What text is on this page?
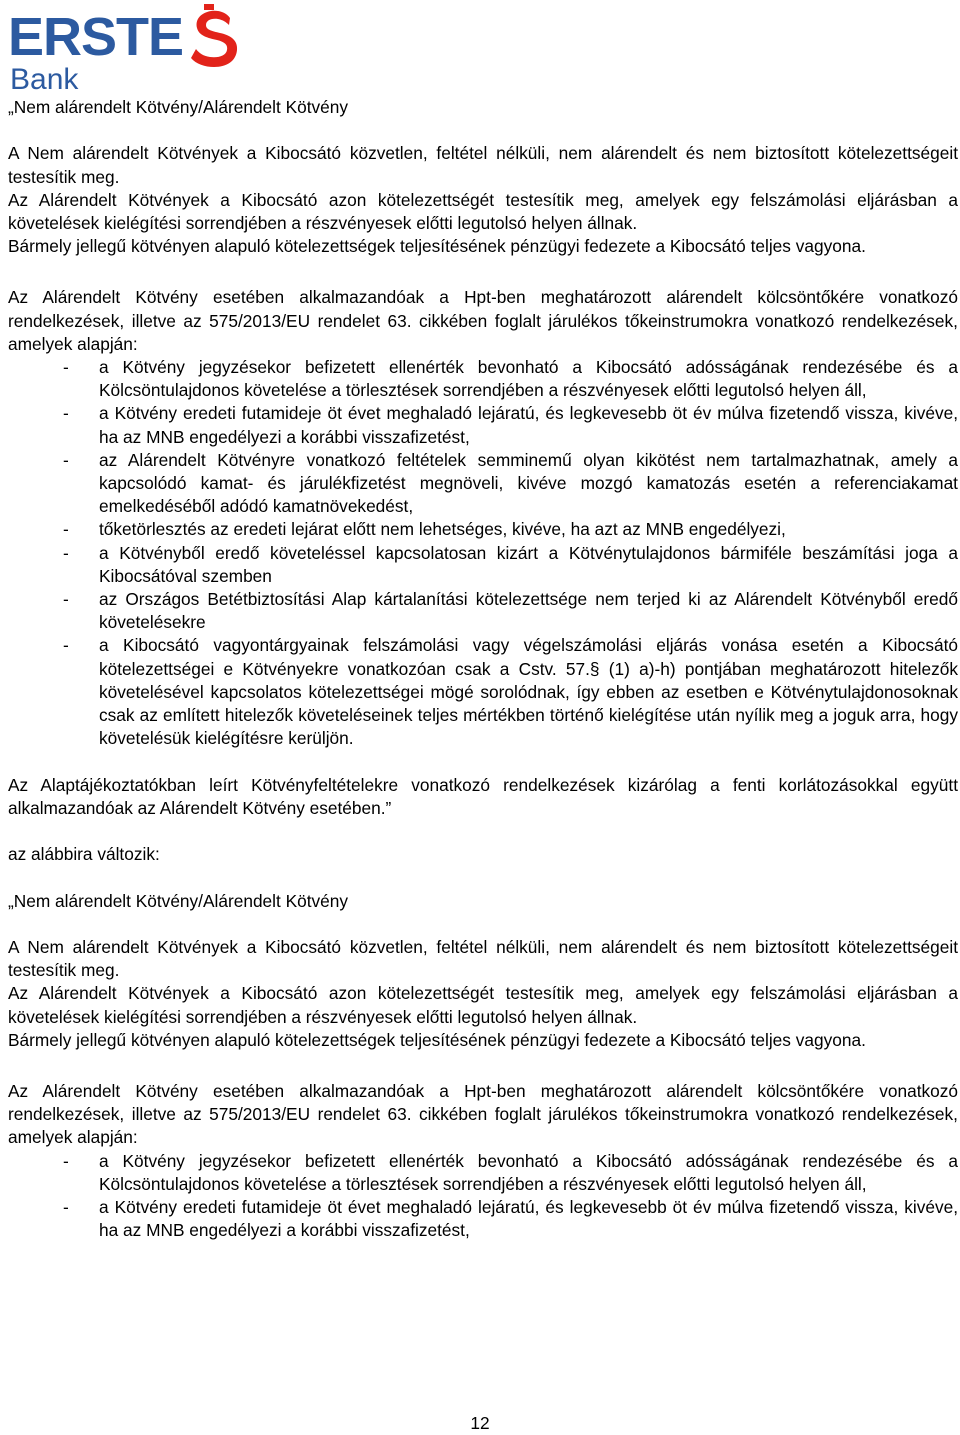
ERSTE
Bank

„Nem alárendelt Kötvény/Alárendelt Kötvény

A Nem alárendelt Kötvények a Kibocsátó közvetlen, feltétel nélküli, nem alárendelt és nem biztosított kötelezettségeit testesítik meg.

Az Alárendelt Kötvények a Kibocsátó azon kötelezettségét testesítik meg, amelyek egy felszámolási eljárásban a követelések kielégítési sorrendjében a részvényesek előtti legutolsó helyen állnak.

Bármely jellegű kötvényen alapuló kötelezettségek teljesítésének pénzügyi fedezete a Kibocsátó teljes vagyona.

Az Alárendelt Kötvény esetében alkalmazandóak a Hpt-ben meghatározott alárendelt kölcsöntőkére vonatkozó rendelkezések, illetve az 575/2013/EU rendelet 63. cikkében foglalt járulékos tőkeinstrumokra vonatkozó rendelkezések, amelyek alapján:

- a Kötvény jegyzésekor befizetett ellenérték bevonható a Kibocsátó adósságának rendezésébe és a Kölcsöntulajdonos követelése a törlesztések sorrendjében a részvényesek előtti legutolsó helyen áll,
- a Kötvény eredeti futamideje öt évet meghaladó lejáratú, és legkevesebb öt év múlva fizetendő vissza, kivéve, ha az MNB engedélyezi a korábbi visszafizetést,
- az Alárendelt Kötvényre vonatkozó feltételek semminemű olyan kikötést nem tartalmazhatnak, amely a kapcsolódó kamat- és járulékfizetést megnöveli, kivéve mozgó kamatozás esetén a referenciakamat emelkedéséből adódó kamatnövekedést,
- tőketörlesztés az eredeti lejárat előtt nem lehetséges, kivéve, ha azt az MNB engedélyezi,
- a Kötvényből eredő követeléssel kapcsolatosan kizárt a Kötvénytulajdonos bármiféle beszámítási joga a Kibocsátóval szemben
- az Országos Betétbiztosítási Alap kártalanítási kötelezettsége nem terjed ki az Alárendelt Kötvényből eredő követelésekre
- a Kibocsátó vagyontárgyainak felszámolási vagy végelszámolási eljárás vonása esetén a Kibocsátó kötelezettségei e Kötvényekre vonatkozóan csak a Cstv. 57.§ (1) a)-h) pontjában meghatározott hitelezők követelésével kapcsolatos kötelezettségei mögé sorolódnak, így ebben az esetben e Kötvénytulajdonosoknak csak az említett hitelezők követeléseinek teljes mértékben történő kielégítése után nyílik meg a joguk arra, hogy követelésük kielégítésre kerüljön.

Az Alaptájékoztatókban leírt Kötvényfeltételekre vonatkozó rendelkezések kizárólag a fenti korlátozásokkal együtt alkalmazandóak az Alárendelt Kötvény esetében.”

az alábbira változik:

„Nem alárendelt Kötvény/Alárendelt Kötvény

A Nem alárendelt Kötvények a Kibocsátó közvetlen, feltétel nélküli, nem alárendelt és nem biztosított kötelezettségeit testesítik meg.

Az Alárendelt Kötvények a Kibocsátó azon kötelezettségét testesítik meg, amelyek egy felszámolási eljárásban a követelések kielégítési sorrendjében a részvényesek előtti legutolsó helyen állnak.

Bármely jellegű kötvényen alapuló kötelezettségek teljesítésének pénzügyi fedezete a Kibocsátó teljes vagyona.

Az Alárendelt Kötvény esetében alkalmazandóak a Hpt-ben meghatározott alárendelt kölcsöntőkére vonatkozó rendelkezések, illetve az 575/2013/EU rendelet 63. cikkében foglalt járulékos tőkeinstrumokra vonatkozó rendelkezések, amelyek alapján:

- a Kötvény jegyzésekor befizetett ellenérték bevonható a Kibocsátó adósságának rendezésébe és a Kölcsöntulajdonos követelése a törlesztések sorrendjében a részvényesek előtti legutolsó helyen áll,
- a Kötvény eredeti futamideje öt évet meghaladó lejáratú, és legkevesebb öt év múlva fizetendő vissza, kivéve, ha az MNB engedélyezi a korábbi visszafizetést,
12
